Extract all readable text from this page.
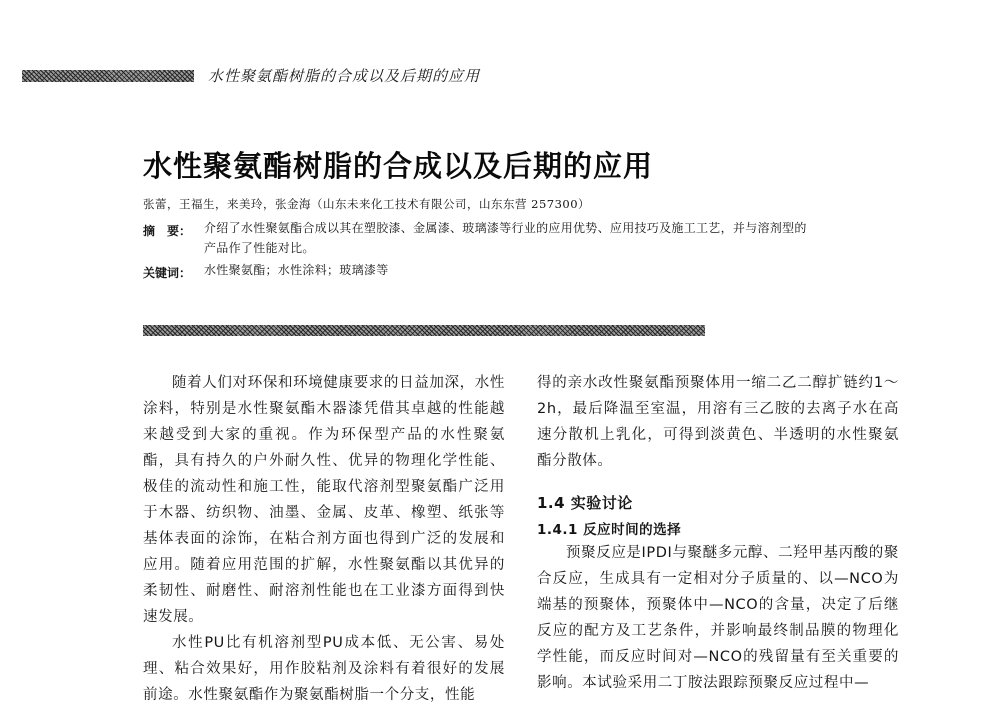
水性聚氨酯树脂的合成以及后期的应用
水性聚氨酯树脂的合成以及后期的应用
张蕾，王福生，来美玲，张金海（山东未来化工技术有限公司，山东东营 257300）
摘　要： 介绍了水性聚氨酯合成以其在塑胶漆、金属漆、玻璃漆等行业的应用优势、应用技巧及施工工艺，并与溶剂型的产品作了性能对比。
关键词： 水性聚氨酯；水性涂料；玻璃漆等

随着人们对环保和环境健康要求的日益加深，水性涂料，特别是水性聚氨酯木器漆凭借其卓越的性能越来越受到大家的重视。作为环保型产品的水性聚氨酯，具有持久的户外耐久性、优异的物理化学性能、极佳的流动性和施工性，能取代溶剂型聚氨酯广泛用于木器、纺织物、油墨、金属、皮革、橡塑、纸张等基体表面的涂饰，在粘合剂方面也得到广泛的发展和应用。随着应用范围的扩解，水性聚氨酯以其优异的柔韧性、耐磨性、耐溶剂性能也在工业漆方面得到快速发展。

水性PU比有机溶剂型PU成本低、无公害、易处理、粘合效果好，用作胶粘剂及涂料有着很好的发展前途。水性聚氨酯作为聚氨酯树脂一个分支，性能

得的亲水改性聚氨酯预聚体用一缩二乙二醇扩链约1～2h，最后降温至室温，用溶有三乙胺的去离子水在高速分散机上乳化，可得到淡黄色、半透明的水性聚氨酯分散体。

1.4 实验讨论
1.4.1 反应时间的选择

预聚反应是IPDI与聚醚多元醇、二羟甲基丙酸的聚合反应，生成具有一定相对分子质量的、以—NCO为端基的预聚体，预聚体中—NCO的含量，决定了后继反应的配方及工艺条件，并影响最终制品膜的物理化学性能，而反应时间对—NCO的残留量有至关重要的影响。本试验采用二丁胺法跟踪预聚反应过程中—
